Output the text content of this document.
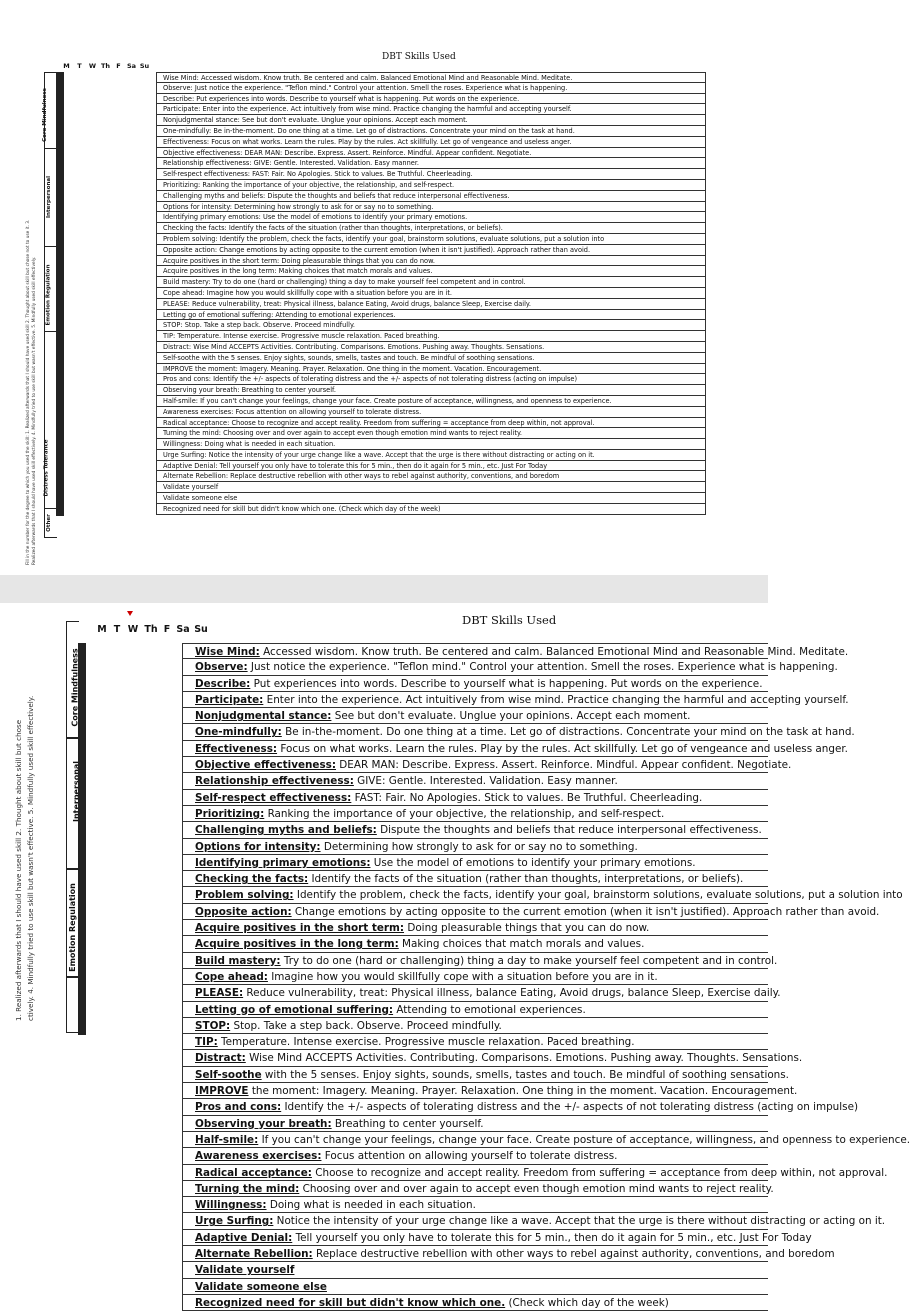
DBT Skills Used
M	T	W Th F Sa Su
Fill in the number for the degree to which you used the skill: 1. Realized afterwards that I should have used skill 2. Thought about skill but chose not to use it. 3. Realized afterwards that I should have used skill effectively. 4. Mindfully tried to use skill but wasn't effective. 5. Mindfully used skill effectively.
Core Mindfulness
Interpersonal
Emotion Regulation
Distress Tolerance
Other

Wise Mind: Accessed wisdom. Know truth. Be centered and calm. Balanced Emotional Mind and Reasonable Mind. Meditate.
Observe: Just notice the experience. "Teflon mind." Control your attention. Smell the roses. Experience what is happening.
Describe: Put experiences into words. Describe to yourself what is happening. Put words on the experience.
Participate: Enter into the experience. Act intuitively from wise mind. Practice changing the harmful and accepting yourself.
Nonjudgmental stance: See but don't evaluate. Unglue your opinions. Accept each moment.
One-mindfully: Be in-the-moment. Do one thing at a time. Let go of distractions. Concentrate your mind on the task at hand.
Effectiveness: Focus on what works. Learn the rules. Play by the rules. Act skillfully. Let go of vengeance and useless anger.
Objective effectiveness: DEAR MAN: Describe. Express. Assert. Reinforce. Mindful. Appear confident. Negotiate.
Relationship effectiveness: GIVE: Gentle. Interested. Validation. Easy manner.
Self-respect effectiveness: FAST: Fair. No Apologies. Stick to values. Be Truthful. Cheerleading.
Prioritizing: Ranking the importance of your objective, the relationship, and self-respect.
Challenging myths and beliefs: Dispute the thoughts and beliefs that reduce interpersonal effectiveness.
Options for intensity: Determining how strongly to ask for or say no to something.
Identifying primary emotions: Use the model of emotions to identify your primary emotions.
Checking the facts: Identify the facts of the situation (rather than thoughts, interpretations, or beliefs).
Problem solving: Identify the problem, check the facts, identify your goal, brainstorm solutions, evaluate solutions, put a solution into
Opposite action: Change emotions by acting opposite to the current emotion (when it isn't justified). Approach rather than avoid.
Acquire positives in the short term: Doing pleasurable things that you can do now.
Acquire positives in the long term: Making choices that match morals and values.
Build mastery: Try to do one (hard or challenging) thing a day to make yourself feel competent and in control.
Cope ahead: Imagine how you would skillfully cope with a situation before you are in it.
PLEASE: Reduce vulnerability, treat: Physical illness, balance Eating, Avoid drugs, balance Sleep, Exercise daily.
Letting go of emotional suffering: Attending to emotional experiences.
STOP: Stop. Take a step back. Observe. Proceed mindfully.
TIP: Temperature. Intense exercise. Progressive muscle relaxation. Paced breathing.
Distract: Wise Mind ACCEPTS Activities. Contributing. Comparisons. Emotions. Pushing away. Thoughts. Sensations.
Self-soothe with the 5 senses. Enjoy sights, sounds, smells, tastes and touch. Be mindful of soothing sensations.
IMPROVE the moment: Imagery. Meaning. Prayer. Relaxation. One thing in the moment. Vacation. Encouragement.
Pros and cons: Identify the +/- aspects of tolerating distress and the +/- aspects of not tolerating distress (acting on impulse)
Observing your breath: Breathing to center yourself.
Half-smile: If you can't change your feelings, change your face. Create posture of acceptance, willingness, and openness to experience.
Awareness exercises: Focus attention on allowing yourself to tolerate distress.
Radical acceptance: Choose to recognize and accept reality. Freedom from suffering = acceptance from deep within, not approval.
Turning the mind: Choosing over and over again to accept even though emotion mind wants to reject reality.
Willingness: Doing what is needed in each situation.
Urge Surfing: Notice the intensity of your urge change like a wave. Accept that the urge is there without distracting or acting on it.
Adaptive Denial: Tell yourself you only have to tolerate this for 5 min., then do it again for 5 min., etc. Just For Today
Alternate Rebellion: Replace destructive rebellion with other ways to rebel against authority, conventions, and boredom
Validate yourself
Validate someone else
Recognized need for skill but didn't know which one. (Check which day of the week)
DBT Skills Used
M T W Th F Sa Su
1. Realized afterwards that I should have used skill 2. Thought about skill but chose ctively. 4. Mindfully tried to use skill but wasn't effective. 5. Mindfully used skill effectively.
Core Mindfulness
Interpersonal
Emotion Regulation

Wise Mind: Accessed wisdom. Know truth. Be centered and calm. Balanced Emotional Mind and Reasonable Mind. Meditate.
Observe: Just notice the experience. "Teflon mind." Control your attention. Smell the roses. Experience what is happening.
Describe: Put experiences into words. Describe to yourself what is happening. Put words on the experience.
Participate: Enter into the experience. Act intuitively from wise mind. Practice changing the harmful and accepting yourself.
Nonjudgmental stance: See but don't evaluate. Unglue your opinions. Accept each moment.
One-mindfully: Be in-the-moment. Do one thing at a time. Let go of distractions. Concentrate your mind on the task at hand.
Effectiveness: Focus on what works. Learn the rules. Play by the rules. Act skillfully. Let go of vengeance and useless anger.
Objective effectiveness: DEAR MAN: Describe. Express. Assert. Reinforce. Mindful. Appear confident. Negotiate.
Relationship effectiveness: GIVE: Gentle. Interested. Validation. Easy manner.
Self-respect effectiveness: FAST: Fair. No Apologies. Stick to values. Be Truthful. Cheerleading.
Prioritizing: Ranking the importance of your objective, the relationship, and self-respect.
Challenging myths and beliefs: Dispute the thoughts and beliefs that reduce interpersonal effectiveness.
Options for intensity: Determining how strongly to ask for or say no to something.
Identifying primary emotions: Use the model of emotions to identify your primary emotions.
Checking the facts: Identify the facts of the situation (rather than thoughts, interpretations, or beliefs).
Problem solving: Identify the problem, check the facts, identify your goal, brainstorm solutions, evaluate solutions, put a solution into
Opposite action: Change emotions by acting opposite to the current emotion (when it isn't justified). Approach rather than avoid.
Acquire positives in the short term: Doing pleasurable things that you can do now.
Acquire positives in the long term: Making choices that match morals and values.
Build mastery: Try to do one (hard or challenging) thing a day to make yourself feel competent and in control.
Cope ahead: Imagine how you would skillfully cope with a situation before you are in it.
PLEASE: Reduce vulnerability, treat: Physical illness, balance Eating, Avoid drugs, balance Sleep, Exercise daily.
Letting go of emotional suffering: Attending to emotional experiences.
STOP: Stop. Take a step back. Observe. Proceed mindfully.
TIP: Temperature. Intense exercise. Progressive muscle relaxation. Paced breathing.
Distract: Wise Mind ACCEPTS Activities. Contributing. Comparisons. Emotions. Pushing away. Thoughts. Sensations.
Self-soothe with the 5 senses. Enjoy sights, sounds, smells, tastes and touch. Be mindful of soothing sensations.
IMPROVE the moment: Imagery. Meaning. Prayer. Relaxation. One thing in the moment. Vacation. Encouragement.
Pros and cons: Identify the +/- aspects of tolerating distress and the +/- aspects of not tolerating distress (acting on impulse)
Observing your breath: Breathing to center yourself.
Half-smile: If you can't change your feelings, change your face. Create posture of acceptance, willingness, and openness to experience.
Awareness exercises: Focus attention on allowing yourself to tolerate distress.
Radical acceptance: Choose to recognize and accept reality. Freedom from suffering = acceptance from deep within, not approval.
Turning the mind: Choosing over and over again to accept even though emotion mind wants to reject reality.
Willingness: Doing what is needed in each situation.
Urge Surfing: Notice the intensity of your urge change like a wave. Accept that the urge is there without distracting or acting on it.
Adaptive Denial: Tell yourself you only have to tolerate this for 5 min., then do it again for 5 min., etc. Just For Today
Alternate Rebellion: Replace destructive rebellion with other ways to rebel against authority, conventions, and boredom
Validate yourself
Validate someone else
Recognized need for skill but didn't know which one. (Check which day of the week)
